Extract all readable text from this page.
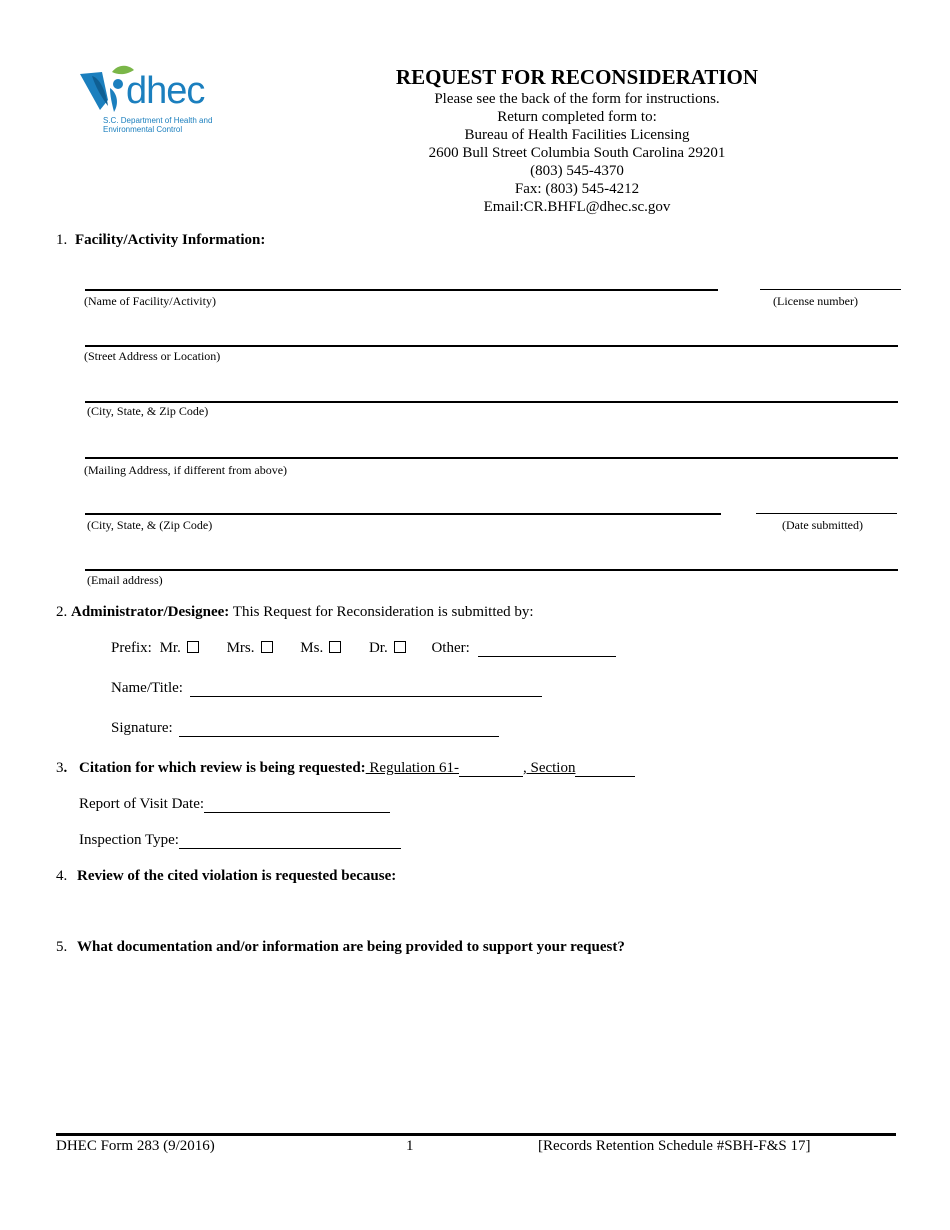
dhec
S.C. Department of Health and
Environmental Control
REQUEST FOR RECONSIDERATION
Please see the back of the form for instructions.
Return completed form to:
Bureau of Health Facilities Licensing
2600 Bull Street Columbia South Carolina 29201
(803) 545-4370
Fax: (803) 545-4212
Email:CR.BHFL@dhec.sc.gov
1. Facility/Activity Information:
(Name of Facility/Activity)	(License number)
(Street Address or Location)
(City, State, & Zip Code)
(Mailing Address, if different from above)
(City, State, & (Zip Code)	(Date submitted)
(Email address)
2. Administrator/Designee: This Request for Reconsideration is submitted by:
Prefix: Mr.	Mrs.	Ms.	Dr.	Other:
Name/Title:
Signature:
3. Citation for which review is being requested: Regulation 61-	, Section
Report of Visit Date:
Inspection Type:
4. Review of the cited violation is requested because:
5. What documentation and/or information are being provided to support your request?
DHEC Form 283 (9/2016)	1	[Records Retention Schedule #SBH-F&S 17]
